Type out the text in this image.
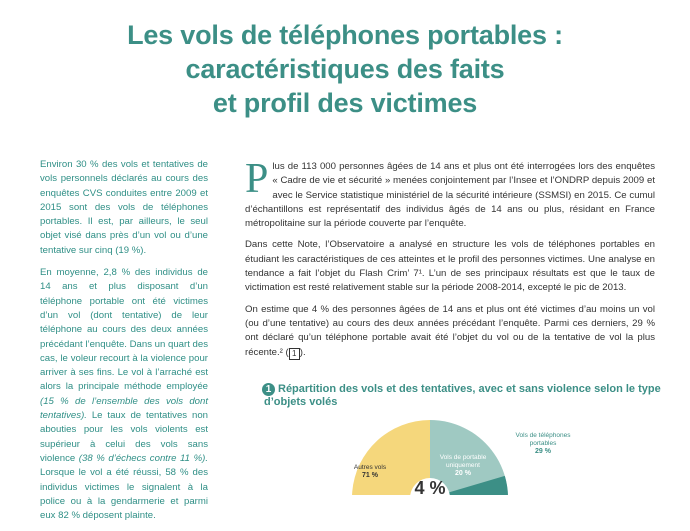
Les vols de téléphones portables :
caractéristiques des faits
et profil des victimes

Environ 30 % des vols et tentatives de vols personnels déclarés au cours des enquêtes CVS conduites entre 2009 et 2015 sont des vols de téléphones portables. Il est, par ailleurs, le seul objet visé dans près d’un vol ou d’une tentative sur cinq (19 %).

En moyenne, 2,8 % des individus de 14 ans et plus disposant d’un téléphone portable ont été victimes d’un vol (dont tentative) de leur téléphone au cours des deux années précédant l’enquête. Dans un quart des cas, le voleur recourt à la violence pour arriver à ses fins. Le vol à l’arraché est alors la principale méthode employée (15 % de l’ensemble des vols dont tentatives). Le taux de tentatives non abouties pour les vols violents est supérieur à celui des vols sans violence (38 % d’échecs contre 11 %). Lorsque le vol a été réussi, 58 % des individus victimes le signalent à la police ou à la gendarmerie et parmi eux 82 % déposent plainte.

Plus de 113 000 personnes âgées de 14 ans et plus ont été interrogées lors des enquêtes « Cadre de vie et sécurité » menées conjointement par l’Insee et l’ONDRP depuis 2009 et avec le Service statistique ministériel de la sécurité intérieure (SSMSI) en 2015. Ce cumul d’échantillons est représentatif des individus âgés de 14 ans ou plus, résidant en France métropolitaine sur la période couverte par l’enquête.

Dans cette Note, l’Observatoire a analysé en structure les vols de téléphones portables en étudiant les caractéristiques de ces atteintes et le profil des personnes victimes. Une analyse en tendance a fait l’objet du Flash Crim’ 7¹. L’un de ses principaux résultats est que le taux de victimation est resté relativement stable sur la période 2008-2014, excepté le pic de 2013.

On estime que 4 % des personnes âgées de 14 ans et plus ont été victimes d’au moins un vol (ou d’une tentative) au cours des deux années précédant l’enquête. Parmi ces derniers, 29 % ont déclaré qu’un téléphone portable avait été l’objet du vol ou de la tentative de vol la plus récente.² ( 1 ).

1 Répartition des vols et des tentatives, avec et sans violence selon le type
d’objets volés
4 %
Vols de téléphones portables
29 %
Vols de portable uniquement
20 %
Autres vols
71 %
